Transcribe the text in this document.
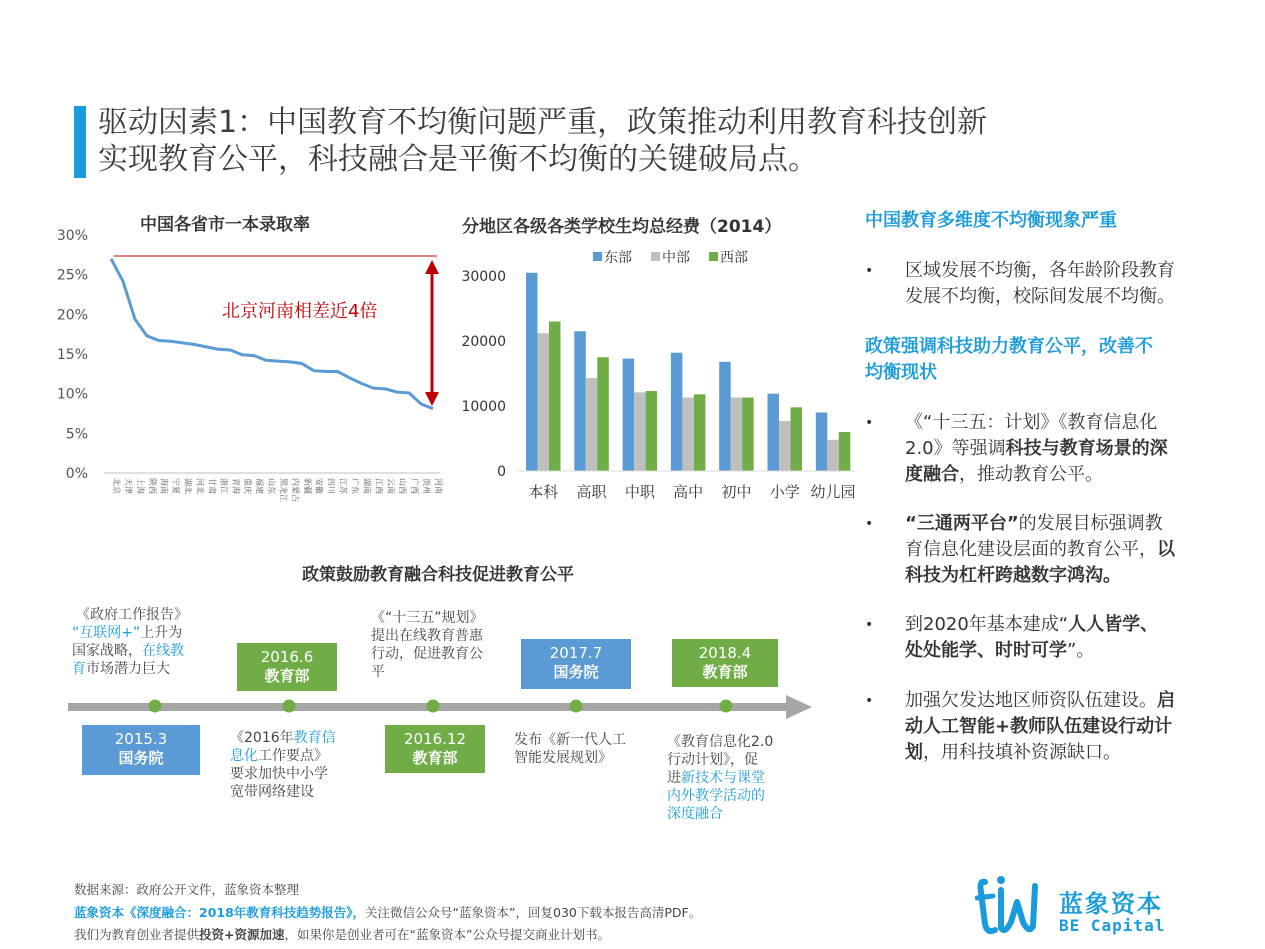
驱动因素1：中国教育不均衡问题严重，政策推动利用教育科技创新
实现教育公平，科技融合是平衡不均衡的关键破局点。
中国各省市一本录取率
0%
5%
10%
15%
20%
25%
30%
北京 天津 上海 陕西 海南 宁夏 湖北 河北 甘肃 浙江 青海 重庆 福建 山东 黑龙江 内蒙古 新疆 安徽 四川 江苏 广东 湖南 江西 云南 山西 广西 贵州 河南
北京河南相差近4倍
分地区各级各类学校生均总经费（2014）
东部 中部 西部
0
10000
20000
30000
本科 高职 中职 高中 初中 小学 幼儿园
中国教育多维度不均衡现象严重
• 区域发展不均衡，各年龄阶段教育
发展不均衡，校际间发展不均衡。
政策强调科技助力教育公平，改善不
均衡现状
• 《“十三五：计划》《教育信息化
2.0》等强调科技与教育场景的深
度融合，推动教育公平。
• “三通两平台”的发展目标强调教
育信息化建设层面的教育公平，以
科技为杠杆跨越数字鸿沟。
• 到2020年基本建成“人人皆学、
处处能学、时时可学”。
• 加强欠发达地区师资队伍建设。启
动人工智能+教师队伍建设行动计
划，用科技填补资源缺口。
政策鼓励教育融合科技促进教育公平
2015.3
国务院
2016.6
教育部
2016.12
教育部
2017.7
国务院
2018.4
教育部
《政府工作报告》
“互联网+”上升为
国家战略，在线教
育市场潜力巨大
《2016年教育信
息化工作要点》
要求加快中小学
宽带网络建设
《“十三五”规划》
提出在线教育普惠
行动，促进教育公
平
发布《新一代人工
智能发展规划》
《教育信息化2.0
行动计划》，促
进新技术与课堂
内外教学活动的
深度融合
数据来源：政府公开文件，蓝象资本整理
蓝象资本《深度融合：2018年教育科技趋势报告》，关注微信公众号“蓝象资本”，回复030下载本报告高清PDF。
我们为教育创业者提供投资+资源加速，如果你是创业者可在“蓝象资本”公众号提交商业计划书。
蓝象资本
BE Capital
